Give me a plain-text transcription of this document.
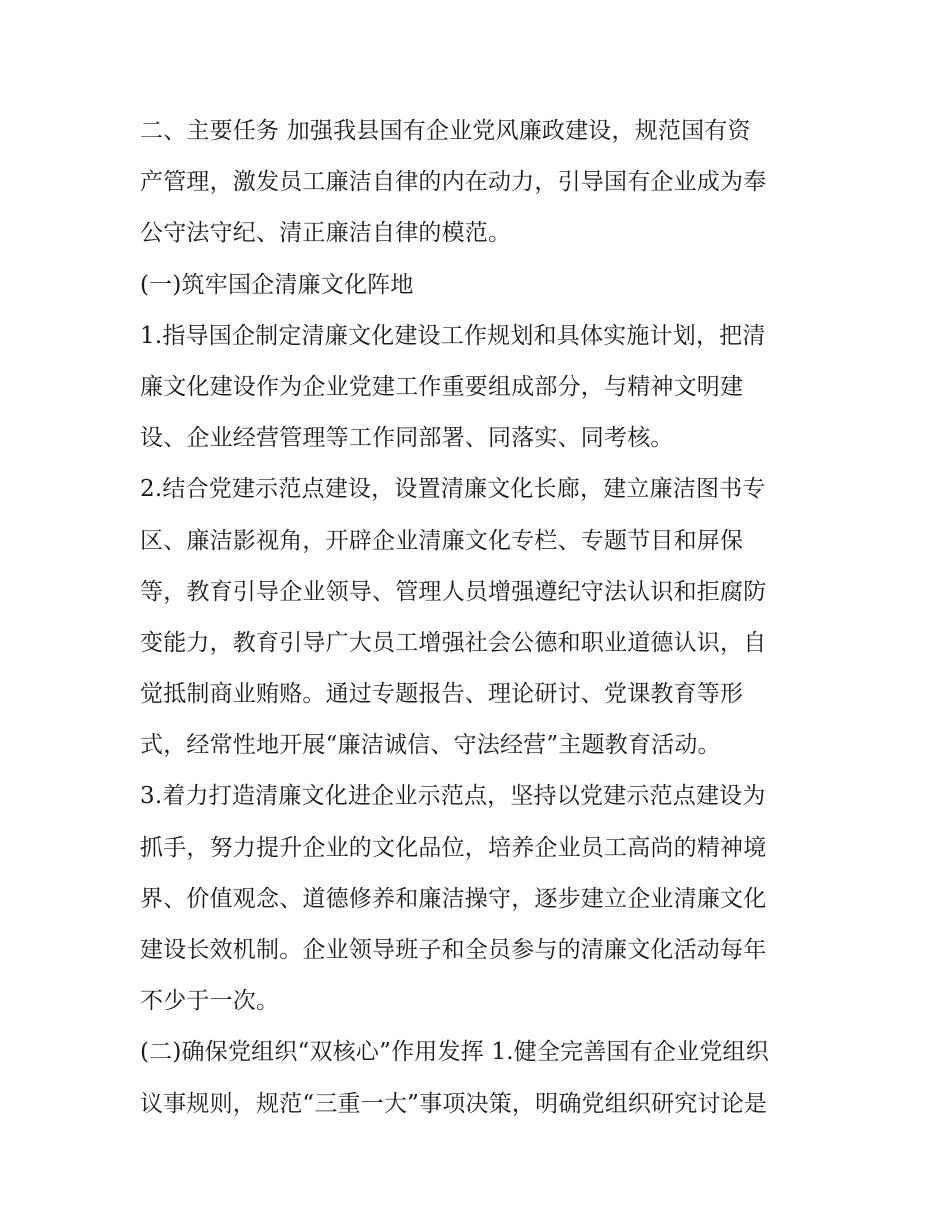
二、主要任务 加强我县国有企业党风廉政建设，规范国有资
产管理，激发员工廉洁自律的内在动力，引导国有企业成为奉
公守法守纪、清正廉洁自律的模范。
(一)筑牢国企清廉文化阵地
1.指导国企制定清廉文化建设工作规划和具体实施计划，把清
廉文化建设作为企业党建工作重要组成部分，与精神文明建
设、企业经营管理等工作同部署、同落实、同考核。
2.结合党建示范点建设，设置清廉文化长廊，建立廉洁图书专
区、廉洁影视角，开辟企业清廉文化专栏、专题节目和屏保
等，教育引导企业领导、管理人员增强遵纪守法认识和拒腐防
变能力，教育引导广大员工增强社会公德和职业道德认识，自
觉抵制商业贿赂。通过专题报告、理论研讨、党课教育等形
式，经常性地开展“廉洁诚信、守法经营”主题教育活动。
3.着力打造清廉文化进企业示范点，坚持以党建示范点建设为
抓手，努力提升企业的文化品位，培养企业员工高尚的精神境
界、价值观念、道德修养和廉洁操守，逐步建立企业清廉文化
建设长效机制。企业领导班子和全员参与的清廉文化活动每年
不少于一次。
(二)确保党组织“双核心”作用发挥 1.健全完善国有企业党组织
议事规则，规范“三重一大”事项决策，明确党组织研究讨论是
